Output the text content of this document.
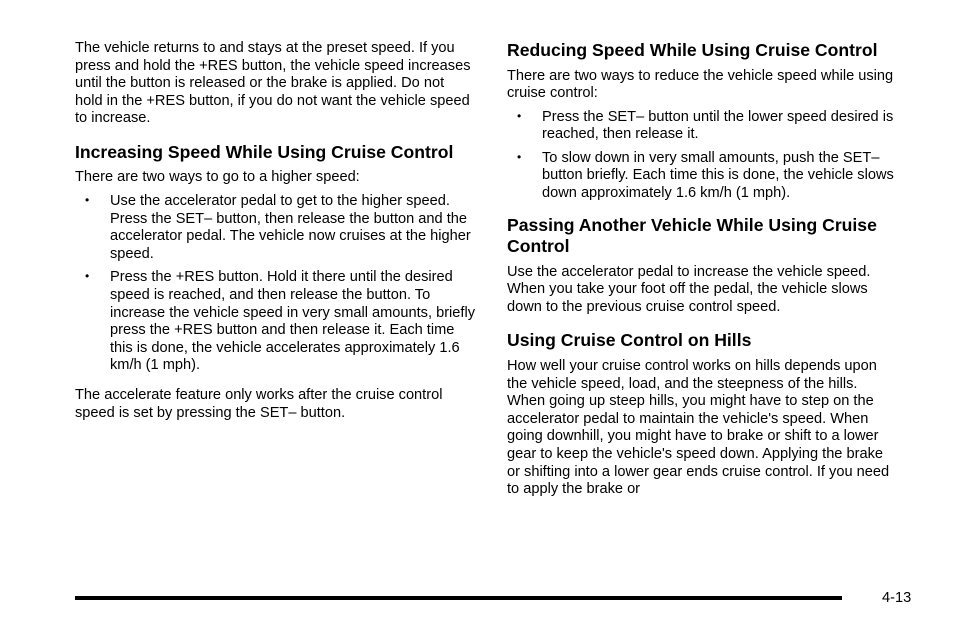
The vehicle returns to and stays at the preset speed. If you press and hold the +RES button, the vehicle speed increases until the button is released or the brake is applied. Do not hold in the +RES button, if you do not want the vehicle speed to increase.

Increasing Speed While Using Cruise Control

There are two ways to go to a higher speed:

• Use the accelerator pedal to get to the higher speed. Press the SET– button, then release the button and the accelerator pedal. The vehicle now cruises at the higher speed.
• Press the +RES button. Hold it there until the desired speed is reached, and then release the button. To increase the vehicle speed in very small amounts, briefly press the +RES button and then release it. Each time this is done, the vehicle accelerates approximately 1.6 km/h (1 mph).

The accelerate feature only works after the cruise control speed is set by pressing the SET– button.

Reducing Speed While Using Cruise Control

There are two ways to reduce the vehicle speed while using cruise control:

• Press the SET– button until the lower speed desired is reached, then release it.
• To slow down in very small amounts, push the SET– button briefly. Each time this is done, the vehicle slows down approximately 1.6 km/h (1 mph).
Passing Another Vehicle While Using Cruise Control

Use the accelerator pedal to increase the vehicle speed. When you take your foot off the pedal, the vehicle slows down to the previous cruise control speed.

Using Cruise Control on Hills

How well your cruise control works on hills depends upon the vehicle speed, load, and the steepness of the hills. When going up steep hills, you might have to step on the accelerator pedal to maintain the vehicle's speed. When going downhill, you might have to brake or shift to a lower gear to keep the vehicle's speed down. Applying the brake or shifting into a lower gear ends cruise control. If you need to apply the brake or

4-13
